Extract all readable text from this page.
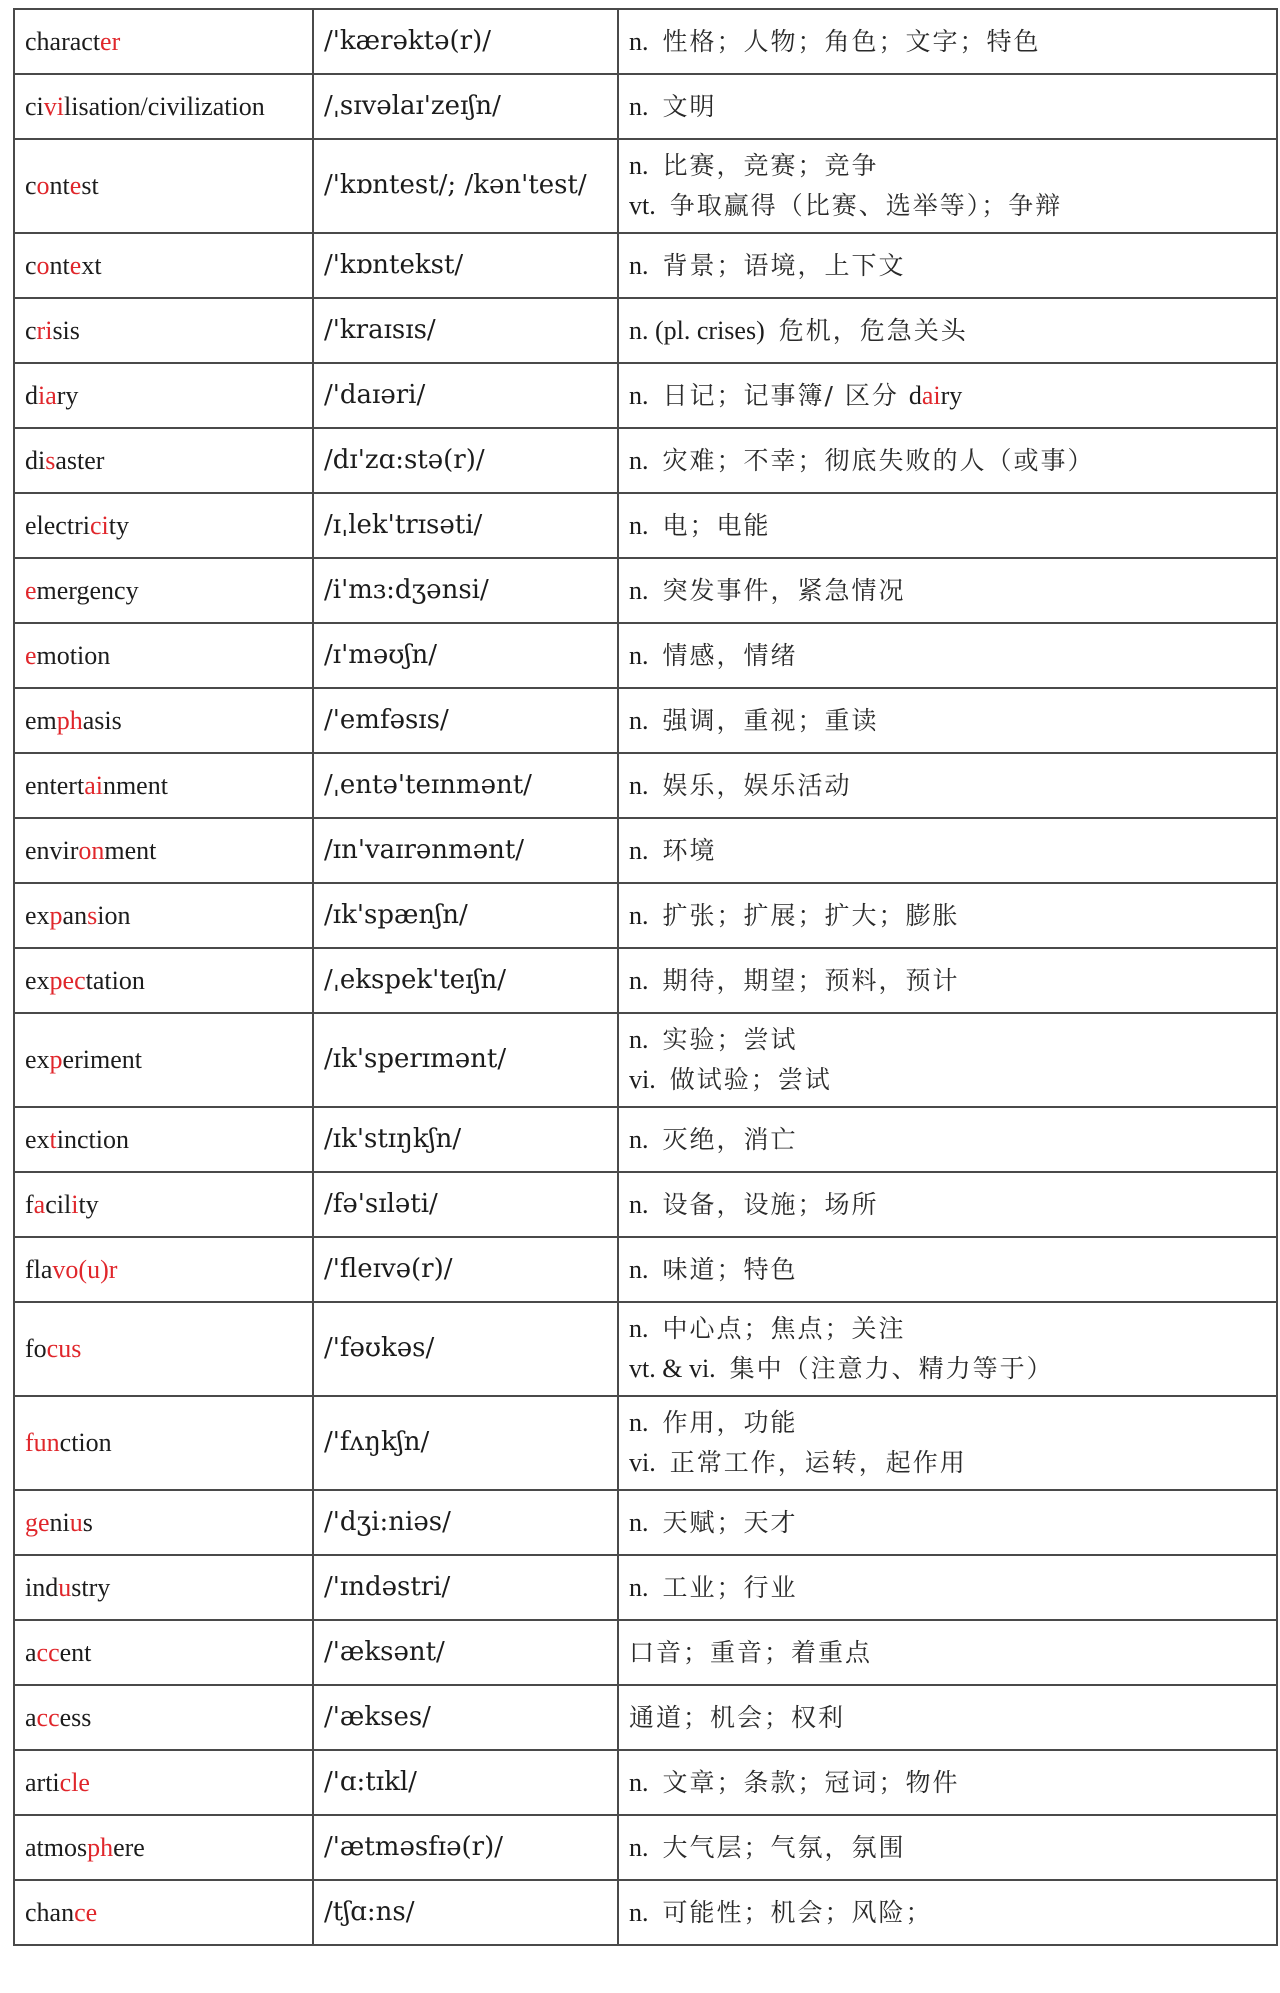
character	/'kærəktə(r)/	n. 性格；人物；角色；文字；特色

civilisation/civilization	/ˌsɪvəlaɪ'zeɪʃn/	n. 文明

contest	/'kɒntest/; /kən'test/	n. 比赛，竞赛；竞争
vt. 争取赢得（比赛、选举等）；争辩

context	/'kɒntekst/	n. 背景；语境，上下文

crisis	/'kraɪsɪs/	n. (pl. crises) 危机，危急关头

diary	/'daɪəri/	n. 日记；记事簿/ 区分 dairy

disaster	/dɪ'zɑ:stə(r)/	n. 灾难；不幸；彻底失败的人（或事）

electricity	/ɪˌlek'trɪsəti/	n. 电；电能

emergency	/i'mɜ:dʒənsi/	n. 突发事件，紧急情况

emotion	/ɪ'məʊʃn/	n. 情感，情绪

emphasis	/'emfəsɪs/	n. 强调，重视；重读

entertainment	/ˌentə'teɪnmənt/	n. 娱乐，娱乐活动

environment	/ɪn'vaɪrənmənt/	n. 环境

expansion	/ɪk'spænʃn/	n. 扩张；扩展；扩大；膨胀

expectation	/ˌekspek'teɪʃn/	n. 期待，期望；预料，预计

experiment	/ɪk'sperɪmənt/	n. 实验；尝试
vi. 做试验；尝试

extinction	/ɪk'stɪŋkʃn/	n. 灭绝，消亡

facility	/fə'sɪləti/	n. 设备，设施；场所

flavo(u)r	/'fleɪvə(r)/	n. 味道；特色

focus	/'fəʊkəs/	n. 中心点；焦点；关注
vt. & vi. 集中（注意力、精力等于）

function	/'fʌŋkʃn/	n. 作用，功能
vi. 正常工作，运转，起作用

genius	/'dʒi:niəs/	n. 天赋；天才

industry	/'ɪndəstri/	n. 工业；行业

accent	/'æksənt/	口音；重音；着重点

access	/'ækses/	通道；机会；权利

article	/'ɑ:tɪkl/	n. 文章；条款；冠词；物件

atmosphere	/'ætməsfɪə(r)/	n. 大气层；气氛，氛围

chance	/tʃɑ:ns/	n. 可能性；机会；风险；
